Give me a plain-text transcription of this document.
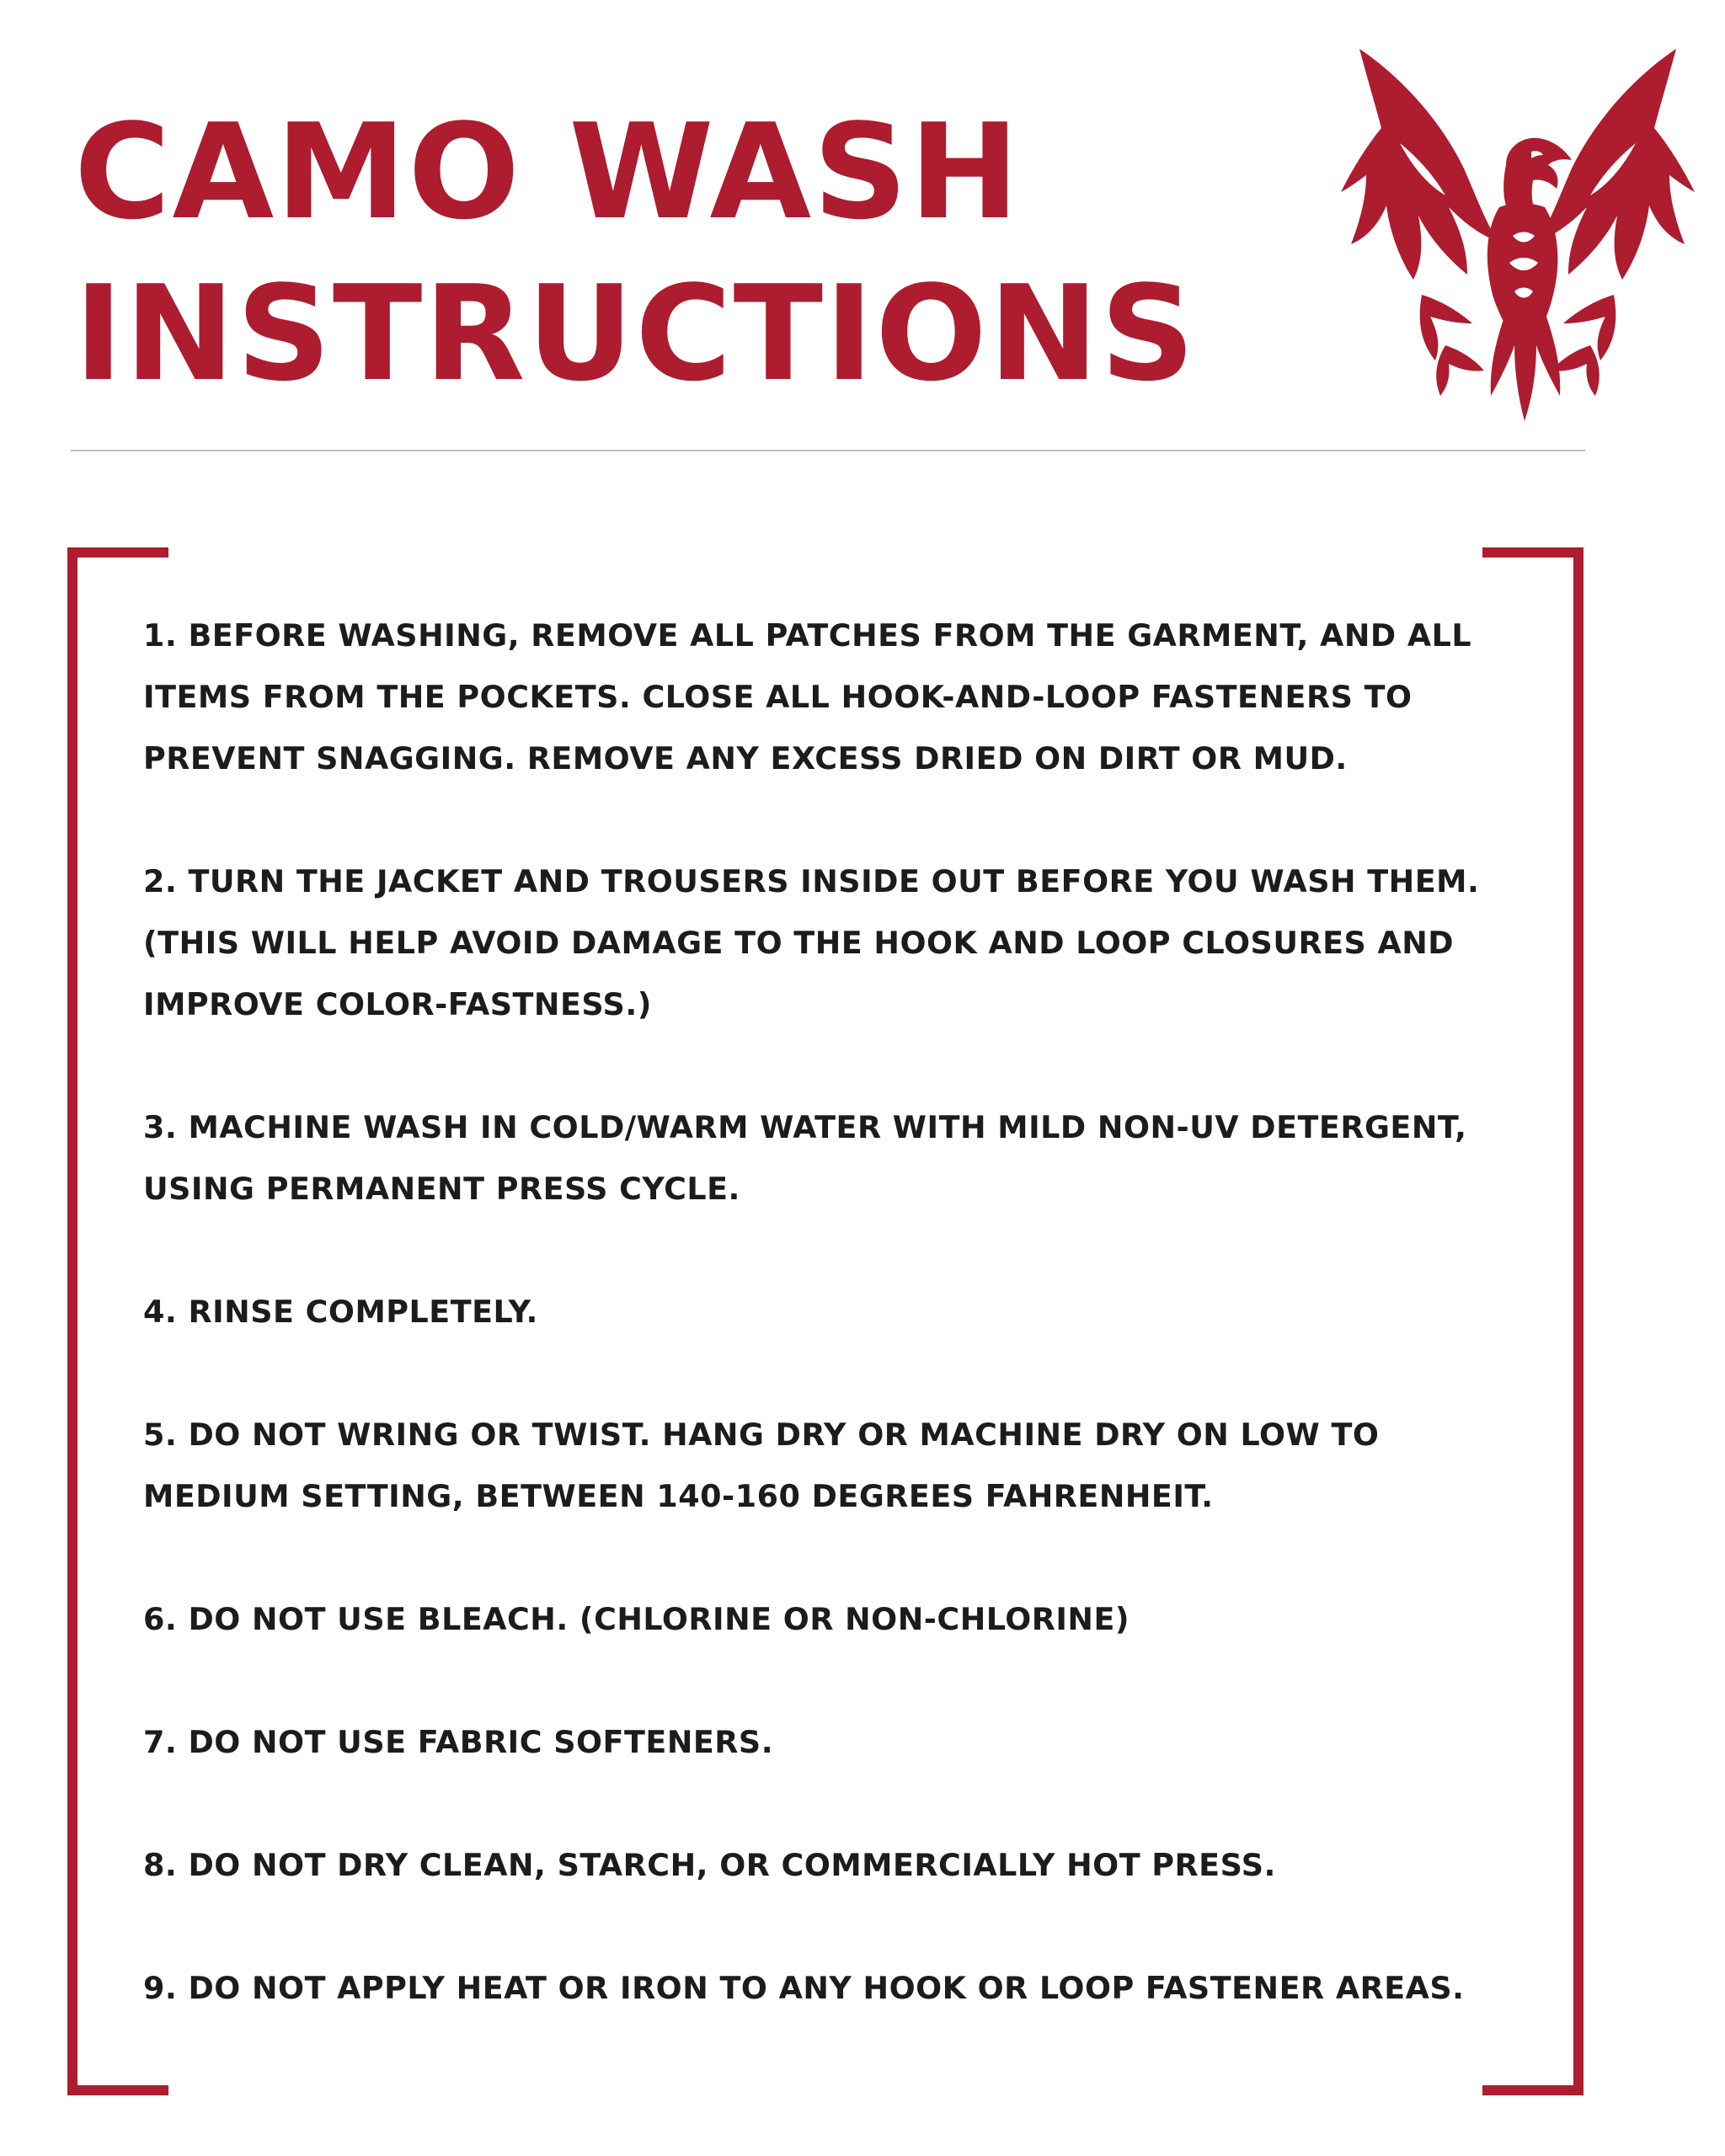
CAMO WASH
INSTRUCTIONS
1. BEFORE WASHING, REMOVE ALL PATCHES FROM THE GARMENT, AND ALL ITEMS FROM THE POCKETS. CLOSE ALL HOOK-AND-LOOP FASTENERS TO PREVENT SNAGGING. REMOVE ANY EXCESS DRIED ON DIRT OR MUD.
2. TURN THE JACKET AND TROUSERS INSIDE OUT BEFORE YOU WASH THEM. (THIS WILL HELP AVOID DAMAGE TO THE HOOK AND LOOP CLOSURES AND IMPROVE COLOR-FASTNESS.)
3. MACHINE WASH IN COLD/WARM WATER WITH MILD NON-UV DETERGENT, USING PERMANENT PRESS CYCLE.
4. RINSE COMPLETELY.
5. DO NOT WRING OR TWIST. HANG DRY OR MACHINE DRY ON LOW TO MEDIUM SETTING, BETWEEN 140-160 DEGREES FAHRENHEIT.
6. DO NOT USE BLEACH. (CHLORINE OR NON-CHLORINE)
7. DO NOT USE FABRIC SOFTENERS.
8. DO NOT DRY CLEAN, STARCH, OR COMMERCIALLY HOT PRESS.
9. DO NOT APPLY HEAT OR IRON TO ANY HOOK OR LOOP FASTENER AREAS.
